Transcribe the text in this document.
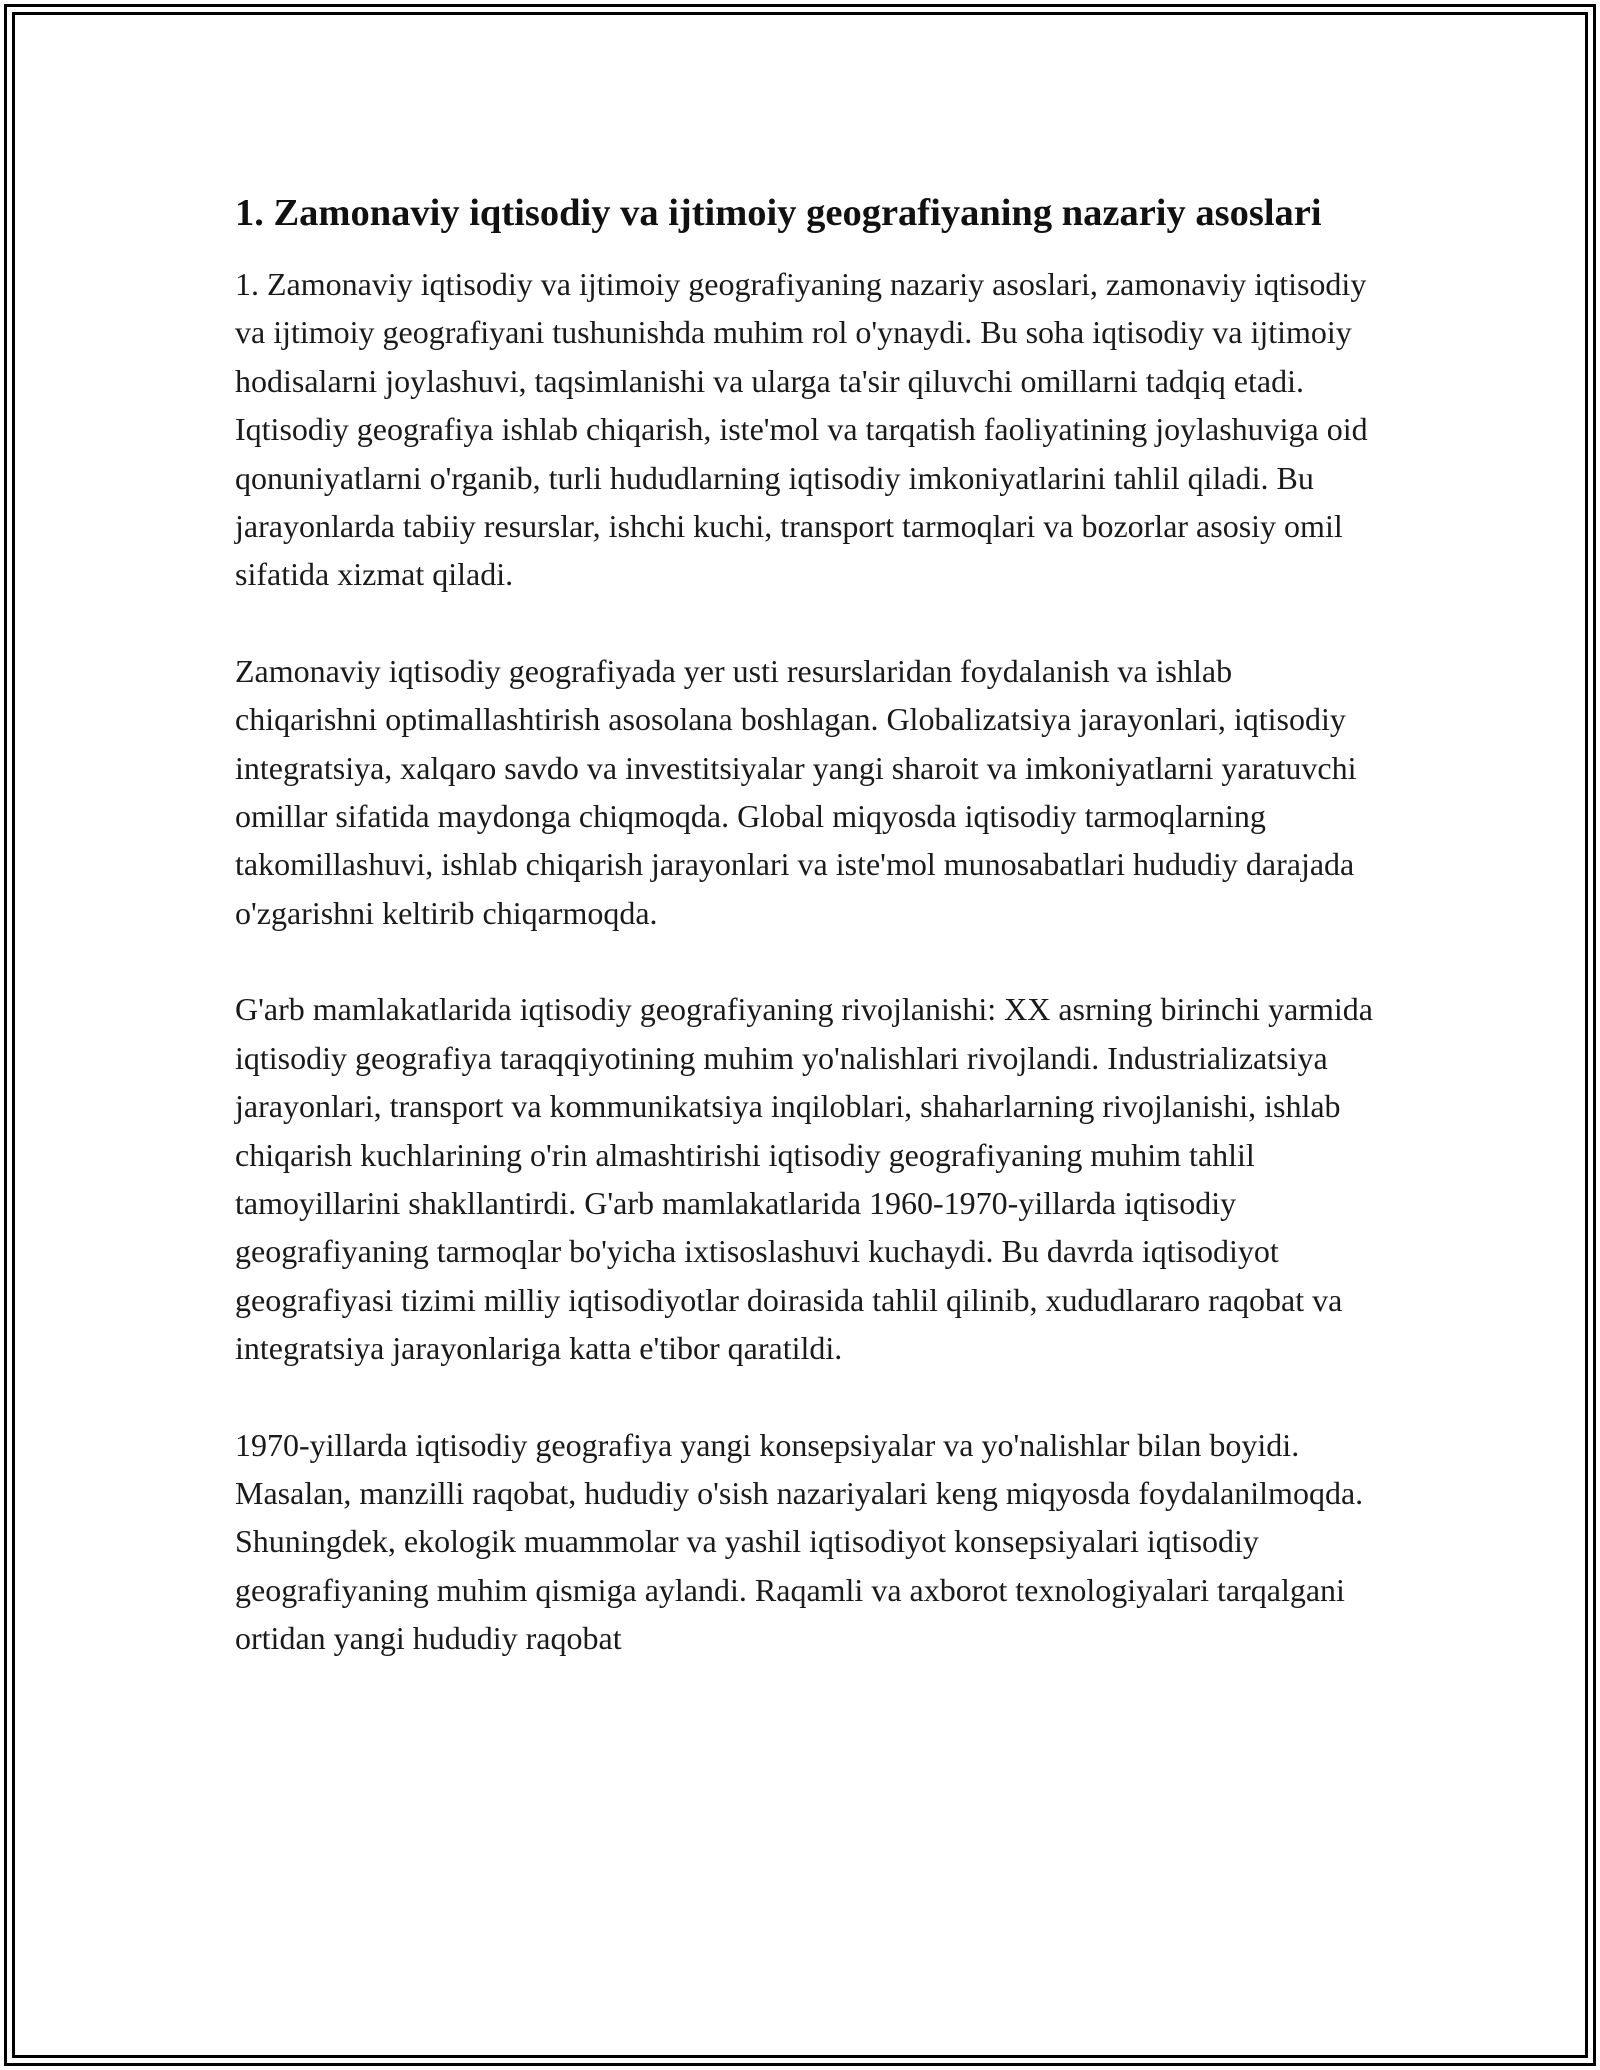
1. Zamonaviy iqtisodiy va ijtimoiy geografiyaning nazariy asoslari

1. Zamonaviy iqtisodiy va ijtimoiy geografiyaning nazariy asoslari, zamonaviy iqtisodiy va ijtimoiy geografiyani tushunishda muhim rol o'ynaydi. Bu soha iqtisodiy va ijtimoiy hodisalarni joylashuvi, taqsimlanishi va ularga ta'sir qiluvchi omillarni tadqiq etadi. Iqtisodiy geografiya ishlab chiqarish, iste'mol va tarqatish faoliyatining joylashuviga oid qonuniyatlarni o'rganib, turli hududlarning iqtisodiy imkoniyatlarini tahlil qiladi. Bu jarayonlarda tabiiy resurslar, ishchi kuchi, transport tarmoqlari va bozorlar asosiy omil sifatida xizmat qiladi.

Zamonaviy iqtisodiy geografiyada yer usti resurslaridan foydalanish va ishlab chiqarishni optimallashtirish asosolana boshlagan. Globalizatsiya jarayonlari, iqtisodiy integratsiya, xalqaro savdo va investitsiyalar yangi sharoit va imkoniyatlarni yaratuvchi omillar sifatida maydonga chiqmoqda. Global miqyosda iqtisodiy tarmoqlarning takomillashuvi, ishlab chiqarish jarayonlari va iste'mol munosabatlari hududiy darajada o'zgarishni keltirib chiqarmoqda.

G'arb mamlakatlarida iqtisodiy geografiyaning rivojlanishi: XX asrning birinchi yarmida iqtisodiy geografiya taraqqiyotining muhim yo'nalishlari rivojlandi. Industrializatsiya jarayonlari, transport va kommunikatsiya inqiloblari, shaharlarning rivojlanishi, ishlab chiqarish kuchlarining o'rin almashtirishi iqtisodiy geografiyaning muhim tahlil tamoyillarini shakllantirdi. G'arb mamlakatlarida 1960-1970-yillarda iqtisodiy geografiyaning tarmoqlar bo'yicha ixtisoslashuvi kuchaydi. Bu davrda iqtisodiyot geografiyasi tizimi milliy iqtisodiyotlar doirasida tahlil qilinib, xududlararo raqobat va integratsiya jarayonlariga katta e'tibor qaratildi.

1970-yillarda iqtisodiy geografiya yangi konsepsiyalar va yo'nalishlar bilan boyidi. Masalan, manzilli raqobat, hududiy o'sish nazariyalari keng miqyosda foydalanilmoqda. Shuningdek, ekologik muammolar va yashil iqtisodiyot konsepsiyalari iqtisodiy geografiyaning muhim qismiga aylandi. Raqamli va axborot texnologiyalari tarqalgani ortidan yangi hududiy raqobat
